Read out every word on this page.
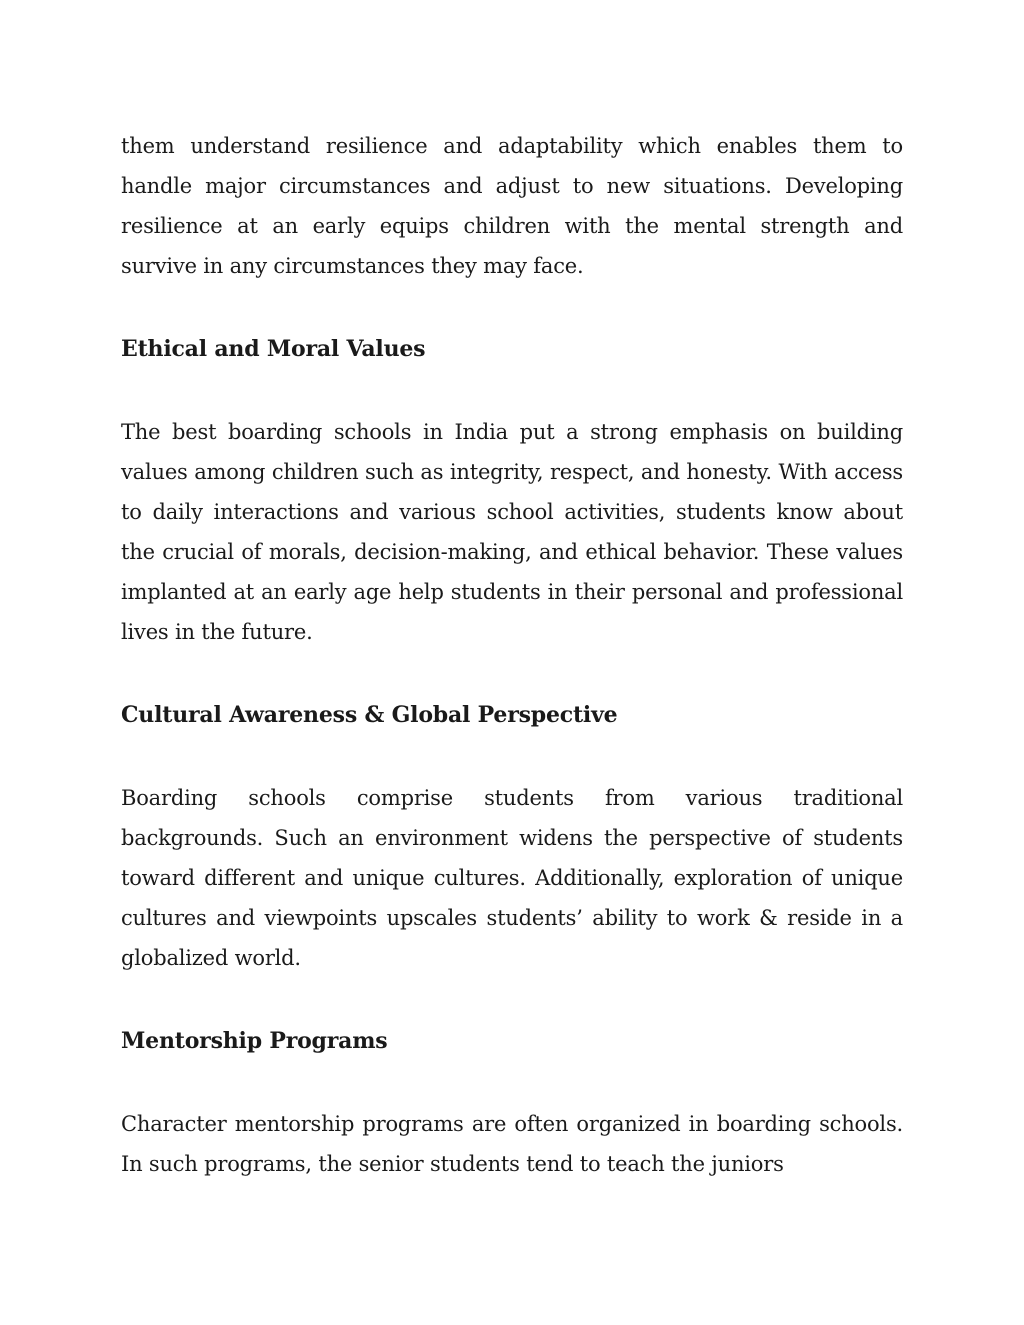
them understand resilience and adaptability which enables them to handle major circumstances and adjust to new situations. Developing resilience at an early equips children with the mental strength and survive in any circumstances they may face.

Ethical and Moral Values

The best boarding schools in India put a strong emphasis on building values among children such as integrity, respect, and honesty. With access to daily interactions and various school activities, students know about the crucial of morals, decision-making, and ethical behavior. These values implanted at an early age help students in their personal and professional lives in the future.

Cultural Awareness & Global Perspective

Boarding schools comprise students from various traditional backgrounds. Such an environment widens the perspective of students toward different and unique cultures. Additionally, exploration of unique cultures and viewpoints upscales students’ ability to work & reside in a globalized world.

Mentorship Programs

Character mentorship programs are often organized in boarding schools. In such programs, the senior students tend to teach the juniors
